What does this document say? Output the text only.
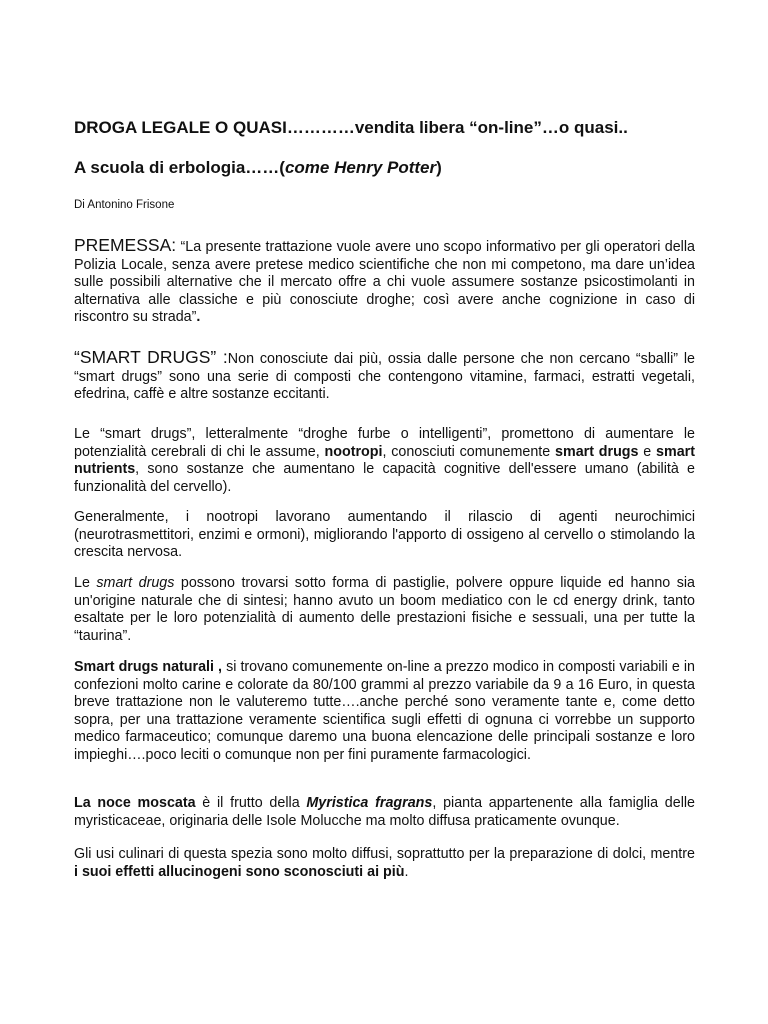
DROGA LEGALE O QUASI…………vendita libera “on-line”…o quasi..
A scuola di erbologia……(come Henry Potter)
Di Antonino Frisone

PREMESSA: “La presente trattazione vuole avere uno scopo informativo per gli operatori della Polizia Locale, senza avere pretese medico scientifiche che non mi competono, ma dare un’idea sulle possibili alternative che il mercato offre a chi vuole assumere sostanze psicostimolanti in alternativa alle classiche e più conosciute droghe; così avere anche cognizione in caso di riscontro su strada”.

“SMART DRUGS” :Non conosciute dai più, ossia dalle persone che non cercano “sballi” le “smart drugs” sono una serie di composti che contengono vitamine, farmaci, estratti vegetali, efedrina, caffè e altre sostanze eccitanti.

Le “smart drugs”, letteralmente “droghe furbe o intelligenti”, promettono di aumentare le potenzialità cerebrali di chi le assume, nootropi, conosciuti comunemente smart drugs e smart nutrients, sono sostanze che aumentano le capacità cognitive dell'essere umano (abilità e funzionalità del cervello).

Generalmente, i nootropi lavorano aumentando il rilascio di agenti neurochimici (neurotrasmettitori, enzimi e ormoni), migliorando l'apporto di ossigeno al cervello o stimolando la crescita nervosa.

Le smart drugs possono trovarsi sotto forma di pastiglie, polvere oppure liquide ed hanno sia un'origine naturale che di sintesi; hanno avuto un boom mediatico con le cd energy drink, tanto esaltate per le loro potenzialità di aumento delle prestazioni fisiche e sessuali, una per tutte la “taurina”.

Smart drugs naturali , si trovano comunemente on-line a prezzo modico in composti variabili e in confezioni molto carine e colorate da 80/100 grammi al prezzo variabile da 9 a 16 Euro, in questa breve trattazione non le valuteremo tutte….anche perché sono veramente tante e, come detto sopra, per una trattazione veramente scientifica sugli effetti di ognuna ci vorrebbe un supporto medico farmaceutico; comunque daremo una buona elencazione delle principali sostanze e loro impieghi….poco leciti o comunque non per fini puramente farmacologici.

La noce moscata è il frutto della Myristica fragrans, pianta appartenente alla famiglia delle myristicaceae, originaria delle Isole Molucche ma molto diffusa praticamente ovunque.

Gli usi culinari di questa spezia sono molto diffusi, soprattutto per la preparazione di dolci, mentre i suoi effetti allucinogeni sono sconosciuti ai più.
